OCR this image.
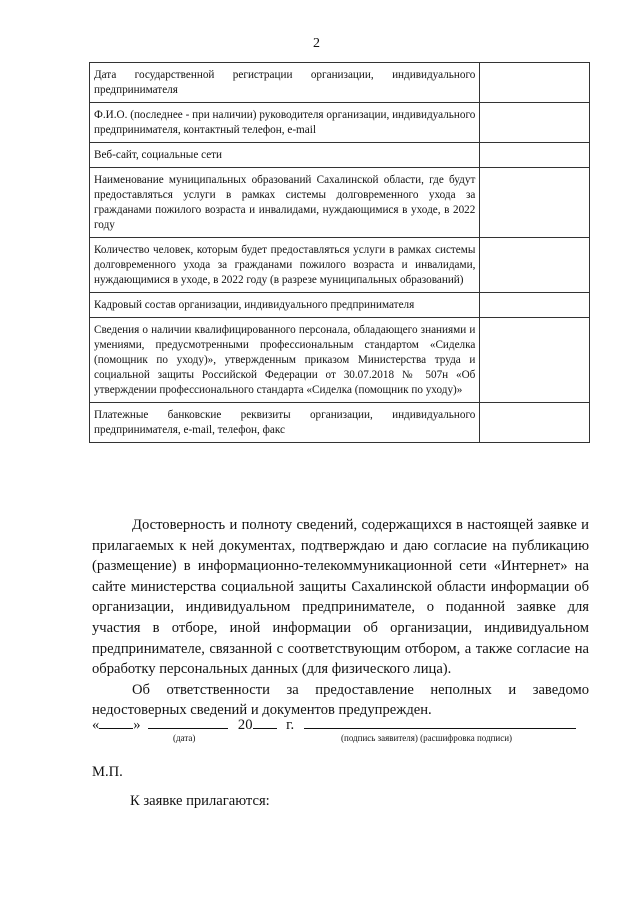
2
Дата государственной регистрации организации, индивидуального предпринимателя	
Ф.И.О. (последнее - при наличии) руководителя организации, индивидуального предпринимателя, контактный телефон, e-mail	
Веб-сайт, социальные сети	
Наименование муниципальных образований Сахалинской области, где будут предоставляться услуги в рамках системы долговременного ухода за гражданами пожилого возраста и инвалидами, нуждающимися в уходе, в 2022 году	
Количество человек, которым будет предоставляться услуги в рамках системы долговременного ухода за гражданами пожилого возраста и инвалидами, нуждающимися в уходе, в 2022 году (в разрезе муниципальных образований)	
Кадровый состав организации, индивидуального предпринимателя	
Сведения о наличии квалифицированного персонала, обладающего знаниями и умениями, предусмотренными профессиональным стандартом «Сиделка (помощник по уходу)», утвержденным приказом Министерства труда и социальной защиты Российской Федерации от 30.07.2018 № 507н «Об утверждении профессионального стандарта «Сиделка (помощник по уходу)»	
Платежные банковские реквизиты организации, индивидуального предпринимателя, e-mail, телефон, факс	

Достоверность и полноту сведений, содержащихся в настоящей заявке и прилагаемых к ней документах, подтверждаю и даю согласие на публикацию (размещение) в информационно-телекоммуникационной сети «Интернет» на сайте министерства социальной защиты Сахалинской области информации об организации, индивидуальном предпринимателе, о поданной заявке для участия в отборе, иной информации об организации, индивидуальном предпринимателе, связанной с соответствующим отбором, а также согласие на обработку персональных данных (для физического лица).

Об ответственности за предоставление неполных и заведомо недостоверных сведений и документов предупрежден.

« »	20 г.
(дата)	(подпись заявителя) (расшифровка подписи)
М.П.
К заявке прилагаются:
